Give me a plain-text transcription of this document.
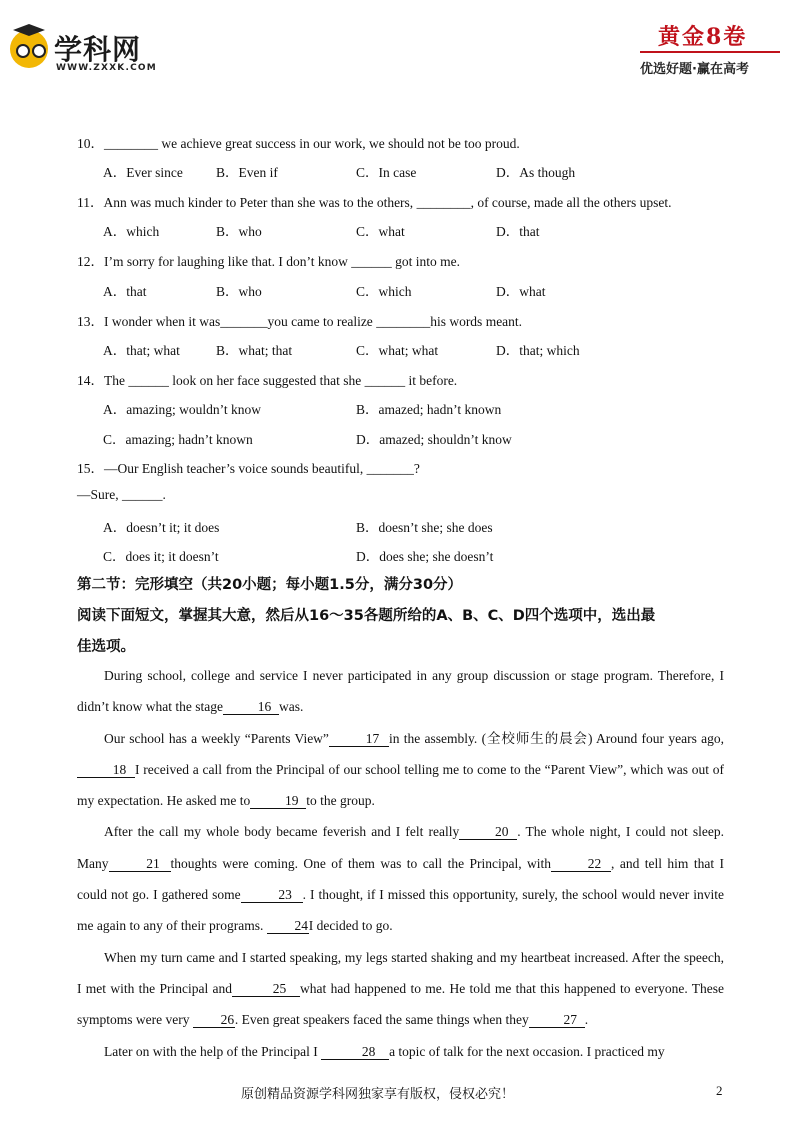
学科网
WWW.ZXXK.COM
黄金8卷
优选好题·赢在高考
10．________ we achieve great success in our work, we should not be too proud.
A．Ever since B．Even if	C．In case	D．As though
11．Ann was much kinder to Peter than she was to the others, ________, of course, made all the others upset.
A．which	B．who	C．what	D．that
12．I’m sorry for laughing like that. I don’t know ______ got into me.
A．that	B．who	C．which	D．what
13．I wonder when it was_______you came to realize ________his words meant.
A．that; what	B．what; that	C．what; what	D．that; which
14．The ______ look on her face suggested that she ______ it before.
A．amazing; wouldn’t know	B．amazed; hadn’t known
C．amazing; hadn’t known	D．amazed; shouldn’t know
15．—Our English teacher’s voice sounds beautiful, _______?
—Sure, ______.
A．doesn’t it; it does	B．doesn’t she; she does
C．does it; it doesn’t	D．does she; she doesn’t
第二节：完形填空（共20小题；每小题1.5分，满分30分）
阅读下面短文，掌握其大意，然后从16～35各题所给的A、B、C、D四个选项中，选出最
佳选项。

During school, college and service I never participated in any group discussion or stage program. Therefore, I didn’t know what the stage	16 was.

Our school has a weekly “Parents View”	17 in the assembly. (全校师生的晨会) Around four years ago,18 I received a call from the Principal of our school telling me to come to the “Parent View”, which was out of my expectation. He asked me to	19 to the group.

After the call my whole body became feverish and I felt really	20 . The whole night, I could not sleep. Many	21 thoughts were coming. One of them was to call the Principal, with	22 , and tell him that I could not go. I gathered some	23 . I thought, if I missed this opportunity, surely, the school would never invite me again to any of their programs. 24I decided to go.

When my turn came and I started speaking, my legs started shaking and my heartbeat increased. After the speech, I met with the Principal and	25 what had happened to me. He told me that this happened to everyone. These symptoms were very 26. Even great speakers faced the same things when they	27 .

Later on with the help of the Principal I	28 a topic of talk for the next occasion. I practiced my

原创精品资源学科网独家享有版权，侵权必究！	2
